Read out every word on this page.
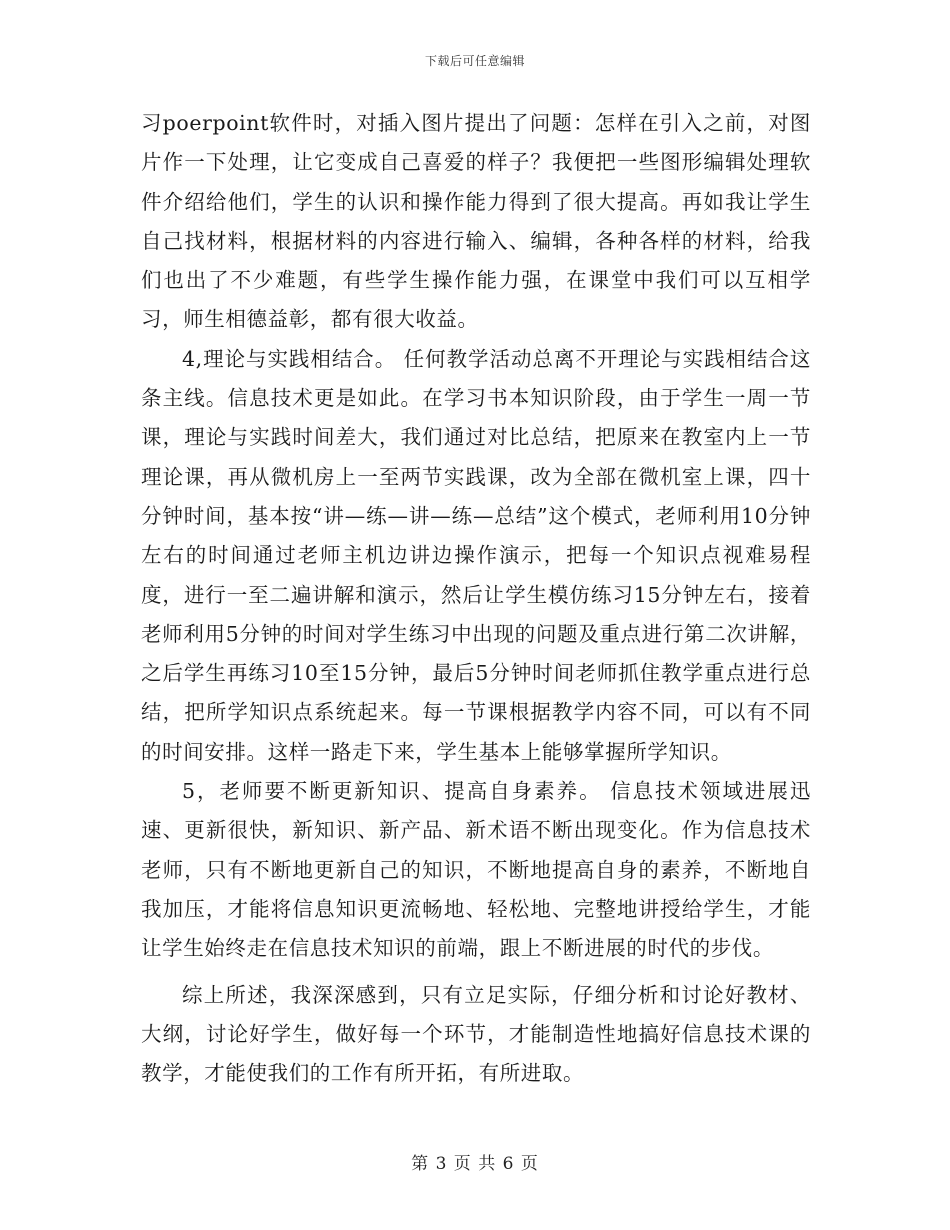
下载后可任意编辑

习poerpoint软件时，对插入图片提出了问题：怎样在引入之前，对图片作一下处理，让它变成自己喜爱的样子？我便把一些图形编辑处理软件介绍给他们，学生的认识和操作能力得到了很大提高。再如我让学生自己找材料，根据材料的内容进行输入、编辑，各种各样的材料，给我们也出了不少难题，有些学生操作能力强，在课堂中我们可以互相学习，师生相德益彰，都有很大收益。

4,理论与实践相结合。 任何教学活动总离不开理论与实践相结合这条主线。信息技术更是如此。在学习书本知识阶段，由于学生一周一节课，理论与实践时间差大，我们通过对比总结，把原来在教室内上一节理论课，再从微机房上一至两节实践课，改为全部在微机室上课，四十分钟时间，基本按“讲—练—讲—练—总结”这个模式，老师利用10分钟左右的时间通过老师主机边讲边操作演示，把每一个知识点视难易程度，进行一至二遍讲解和演示，然后让学生模仿练习15分钟左右，接着老师利用5分钟的时间对学生练习中出现的问题及重点进行第二次讲解，之后学生再练习10至15分钟，最后5分钟时间老师抓住教学重点进行总结，把所学知识点系统起来。每一节课根据教学内容不同，可以有不同的时间安排。这样一路走下来，学生基本上能够掌握所学知识。

5，老师要不断更新知识、提高自身素养。 信息技术领域进展迅速、更新很快，新知识、新产品、新术语不断出现变化。作为信息技术老师，只有不断地更新自己的知识，不断地提高自身的素养，不断地自我加压，才能将信息知识更流畅地、轻松地、完整地讲授给学生，才能让学生始终走在信息技术知识的前端，跟上不断进展的时代的步伐。

综上所述，我深深感到，只有立足实际，仔细分析和讨论好教材、大纲，讨论好学生，做好每一个环节，才能制造性地搞好信息技术课的教学，才能使我们的工作有所开拓，有所进取。

第 3 页 共 6 页
